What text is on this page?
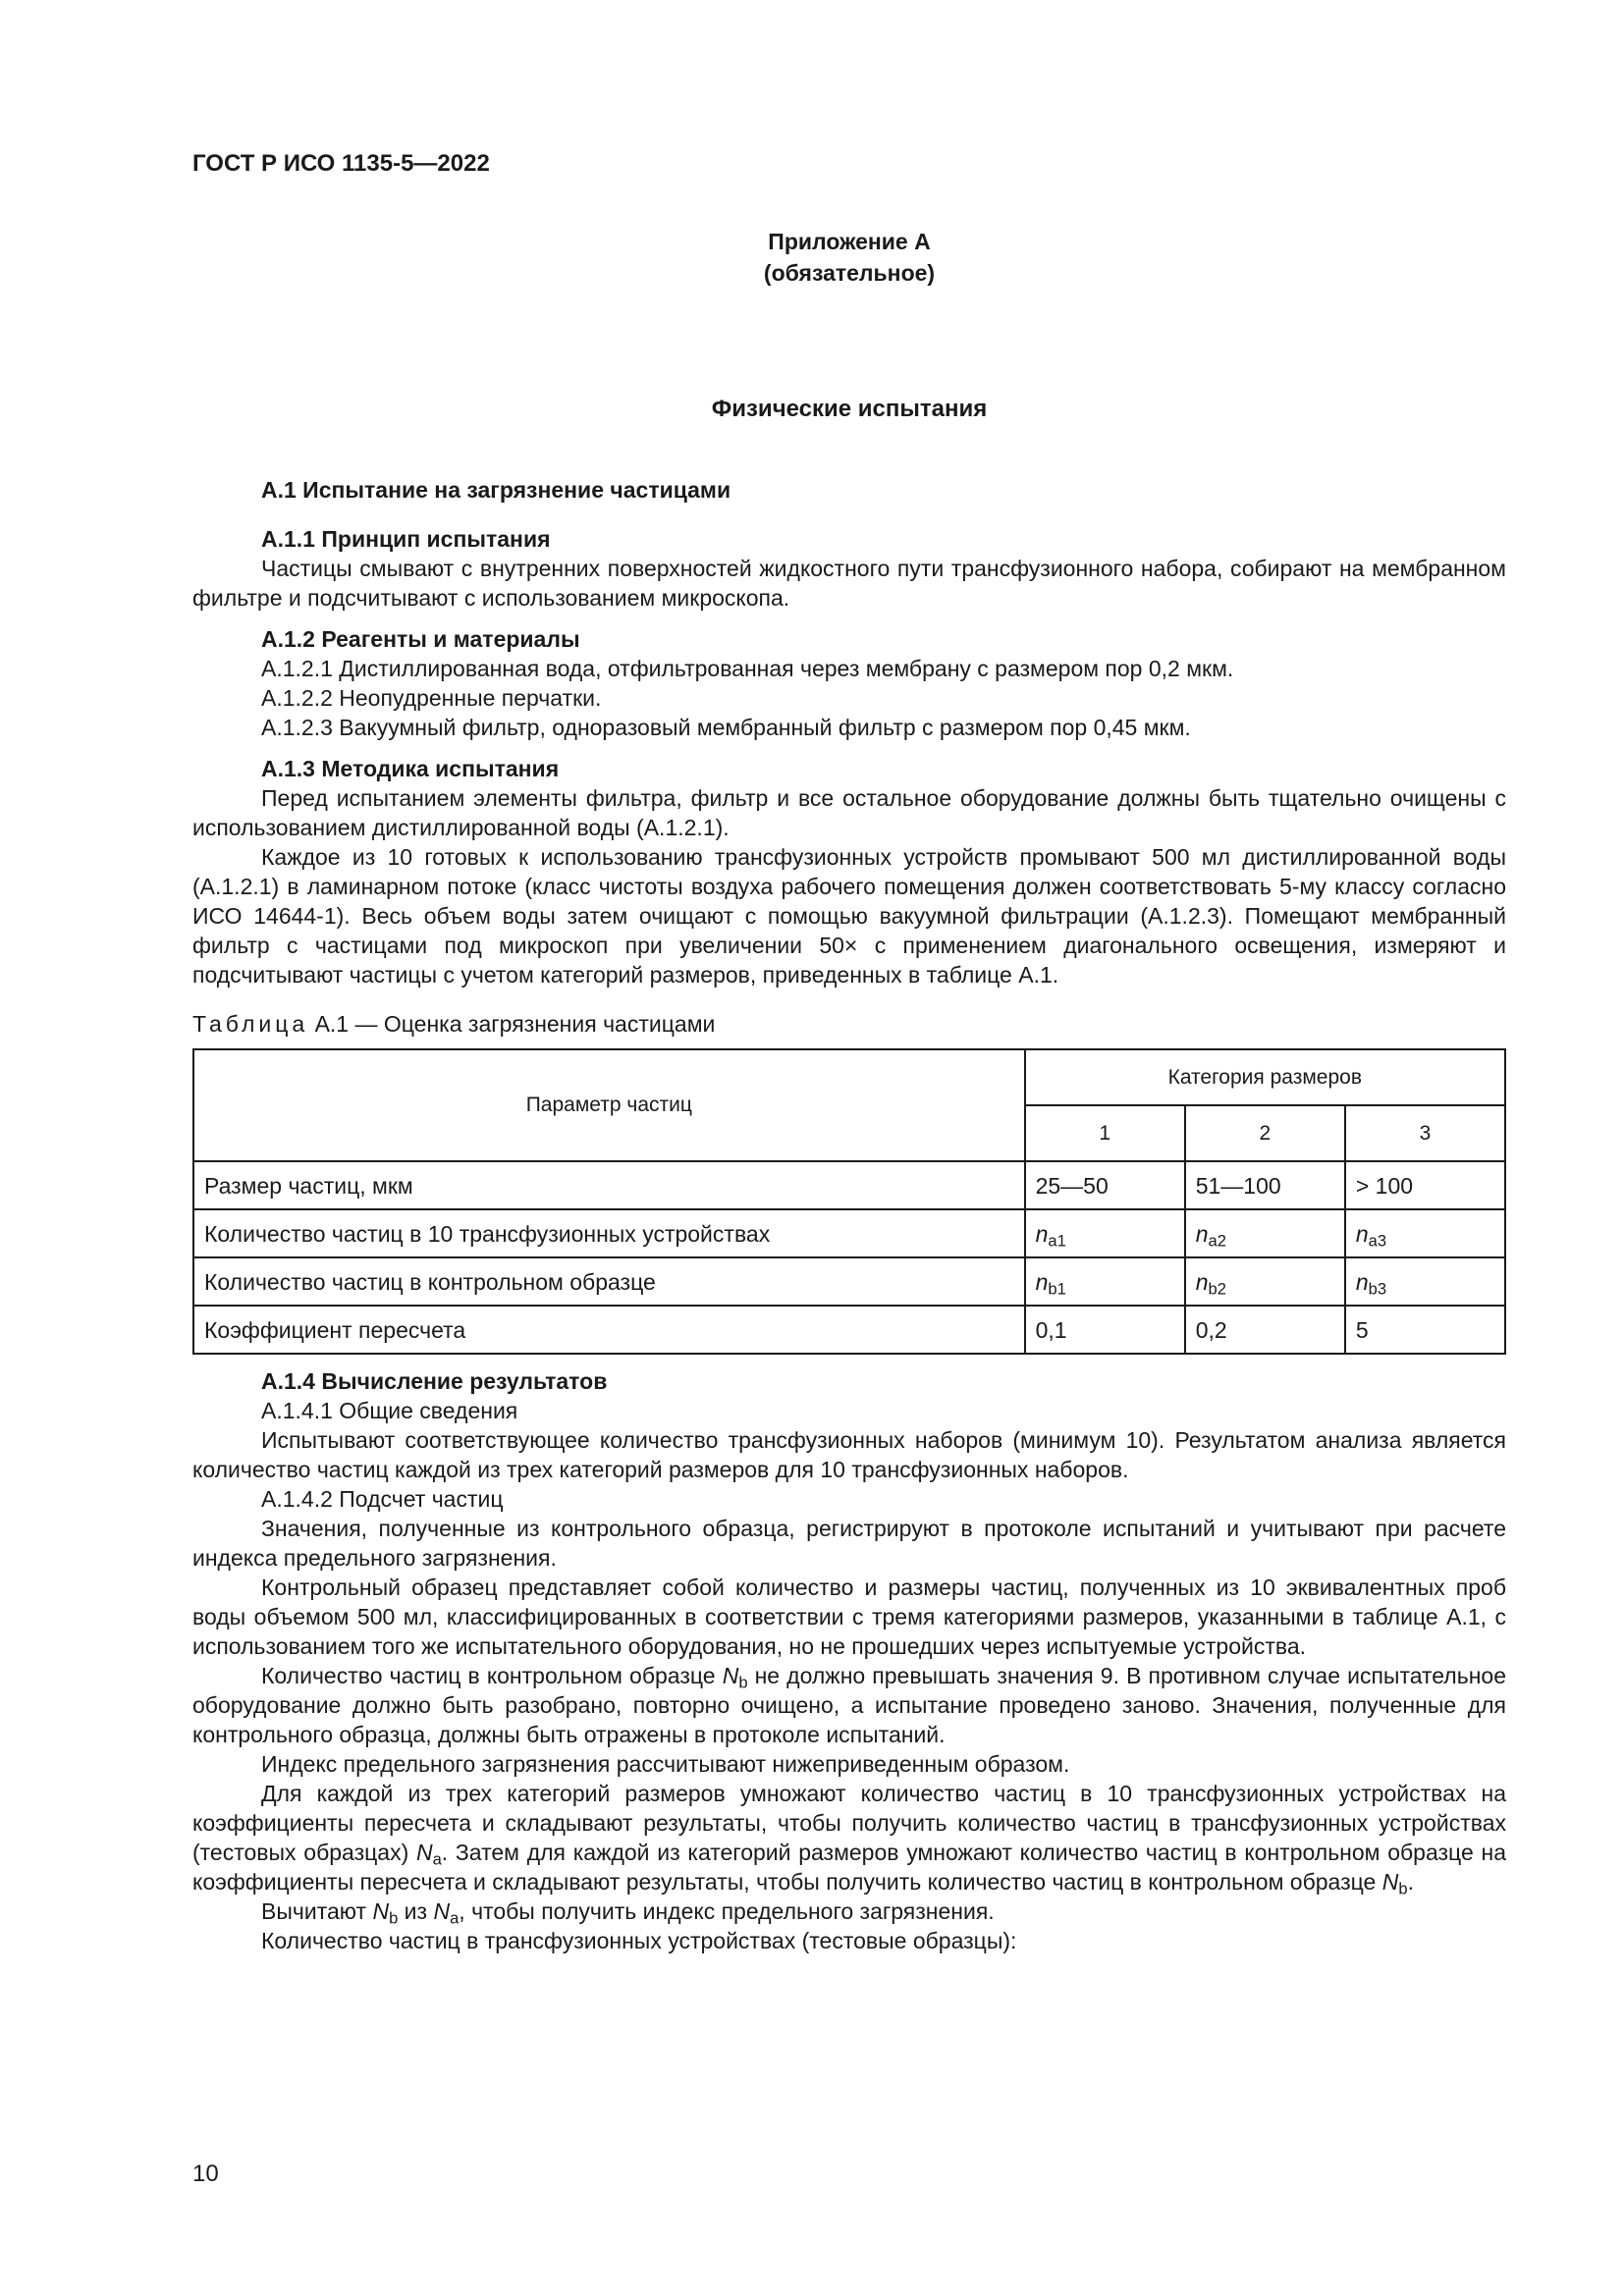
ГОСТ Р ИСО 1135-5—2022
Приложение А
(обязательное)
Физические испытания

А.1 Испытание на загрязнение частицами

А.1.1 Принцип испытания

Частицы смывают с внутренних поверхностей жидкостного пути трансфузионного набора, собирают на мембранном фильтре и подсчитывают с использованием микроскопа.

А.1.2 Реагенты и материалы

А.1.2.1 Дистиллированная вода, отфильтрованная через мембрану с размером пор 0,2 мкм.

А.1.2.2 Неопудренные перчатки.

А.1.2.3 Вакуумный фильтр, одноразовый мембранный фильтр с размером пор 0,45 мкм.

А.1.3 Методика испытания

Перед испытанием элементы фильтра, фильтр и все остальное оборудование должны быть тщательно очищены с использованием дистиллированной воды (А.1.2.1).

Каждое из 10 готовых к использованию трансфузионных устройств промывают 500 мл дистиллированной воды (А.1.2.1) в ламинарном потоке (класс чистоты воздуха рабочего помещения должен соответствовать 5-му классу согласно ИСО 14644-1). Весь объем воды затем очищают с помощью вакуумной фильтрации (А.1.2.3). Помещают мембранный фильтр с частицами под микроскоп при увеличении 50× с применением диагонального освещения, измеряют и подсчитывают частицы с учетом категорий размеров, приведенных в таблице А.1.

Таблица А.1 — Оценка загрязнения частицами

Параметр частиц	Категория размеров		
	1	2	3
Размер частиц, мкм	25—50	51—100	> 100
Количество частиц в 10 трансфузионных устройствах	$n_{a1}$	$n_{a2}$	$n_{a3}$
Количество частиц в контрольном образце	$n_{b1}$	$n_{b2}$	$n_{b3}$
Коэффициент пересчета	0,1	0,2	5

А.1.4 Вычисление результатов

А.1.4.1 Общие сведения

Испытывают соответствующее количество трансфузионных наборов (минимум 10). Результатом анализа является количество частиц каждой из трех категорий размеров для 10 трансфузионных наборов.

А.1.4.2 Подсчет частиц

Значения, полученные из контрольного образца, регистрируют в протоколе испытаний и учитывают при расчете индекса предельного загрязнения.

Контрольный образец представляет собой количество и размеры частиц, полученных из 10 эквивалентных проб воды объемом 500 мл, классифицированных в соответствии с тремя категориями размеров, указанными в таблице А.1, с использованием того же испытательного оборудования, но не прошедших через испытуемые устройства.

Количество частиц в контрольном образце $N_b$ не должно превышать значения 9. В противном случае испытательное оборудование должно быть разобрано, повторно очищено, а испытание проведено заново. Значения, полученные для контрольного образца, должны быть отражены в протоколе испытаний.

Индекс предельного загрязнения рассчитывают нижеприведенным образом.

Для каждой из трех категорий размеров умножают количество частиц в 10 трансфузионных устройствах на коэффициенты пересчета и складывают результаты, чтобы получить количество частиц в трансфузионных устройствах (тестовых образцах) $N_a$. Затем для каждой из категорий размеров умножают количество частиц в контрольном образце на коэффициенты пересчета и складывают результаты, чтобы получить количество частиц в контрольном образце $N_b$.

Вычитают $N_b$ из $N_a$, чтобы получить индекс предельного загрязнения.

Количество частиц в трансфузионных устройствах (тестовые образцы):

10
